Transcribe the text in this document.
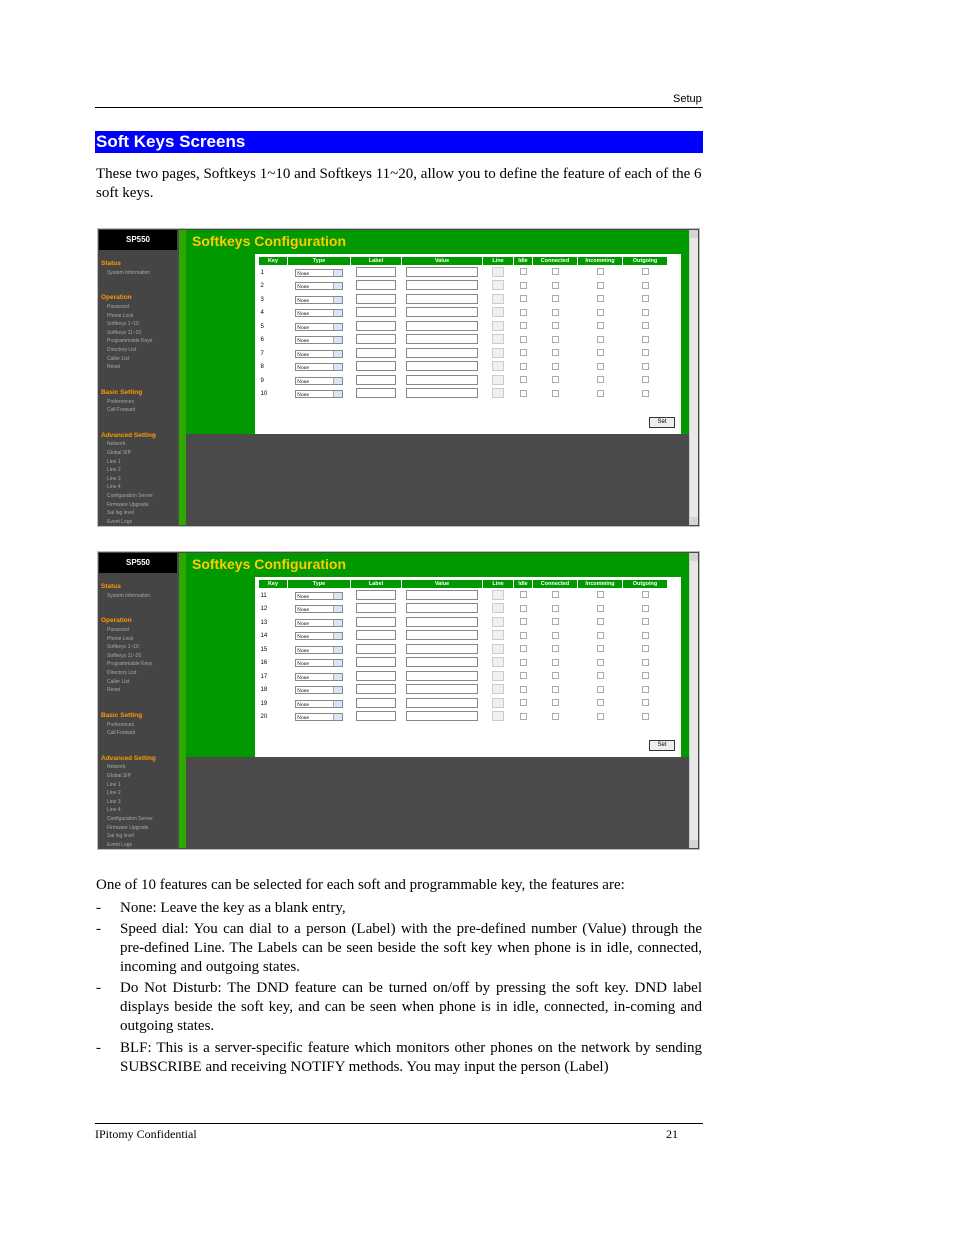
Setup
Soft Keys Screens
These two pages, Softkeys 1~10 and Softkeys 11~20, allow you to define the feature of each of the 6 soft keys.
SP550
Status
System Information
Operation
Password
Phone Lock
Softkeys 1~10
Softkeys 11~20
Programmable Keys
Directory List
Caller List
Reset
Basic Setting
Preferences
Call Forward
Advanced Setting
Network
Global SIP
Line 1
Line 2
Line 3
Line 4
Configuration Server
Firmware Upgrade
Sal log level
Event Logs
Softkeys Configuration
Key	Type	Label	Value	Line	Idle	Connected	Incomming	Outgoing
1	None

2	None

3	None

4	None

5	None

6	None

7	None

8	None

9	None

10	None

Set
SP550
Status
System Information
Operation
Password
Phone Lock
Softkeys 1~10
Softkeys 11~20
Programmable Keys
Directory List
Caller List
Reset
Basic Setting
Preferences
Call Forward
Advanced Setting
Network
Global SIP
Line 1
Line 2
Line 3
Line 4
Configuration Server
Firmware Upgrade
Sal log level
Event Logs
Softkeys Configuration
Key	Type	Label	Value	Line	Idle	Connected	Incomming	Outgoing
11	None

12	None

13	None

14	None

15	None

16	None

17	None

18	None

19	None

20	None

Set
One of 10 features can be selected for each soft and programmable key, the features are:
- None: Leave the key as a blank entry,
- Speed dial: You can dial to a person (Label) with the pre-defined number (Value) through the pre-defined Line. The Labels can be seen beside the soft key when phone is in idle, connected, incoming and outgoing states.
- Do Not Disturb: The DND feature can be turned on/off by pressing the soft key. DND label displays beside the soft key, and can be seen when phone is in idle, connected, in-coming and outgoing states.
- BLF: This is a server-specific feature which monitors other phones on the network by sending SUBSCRIBE and receiving NOTIFY methods. You may input the person (Label)
IPitomy Confidential	21
